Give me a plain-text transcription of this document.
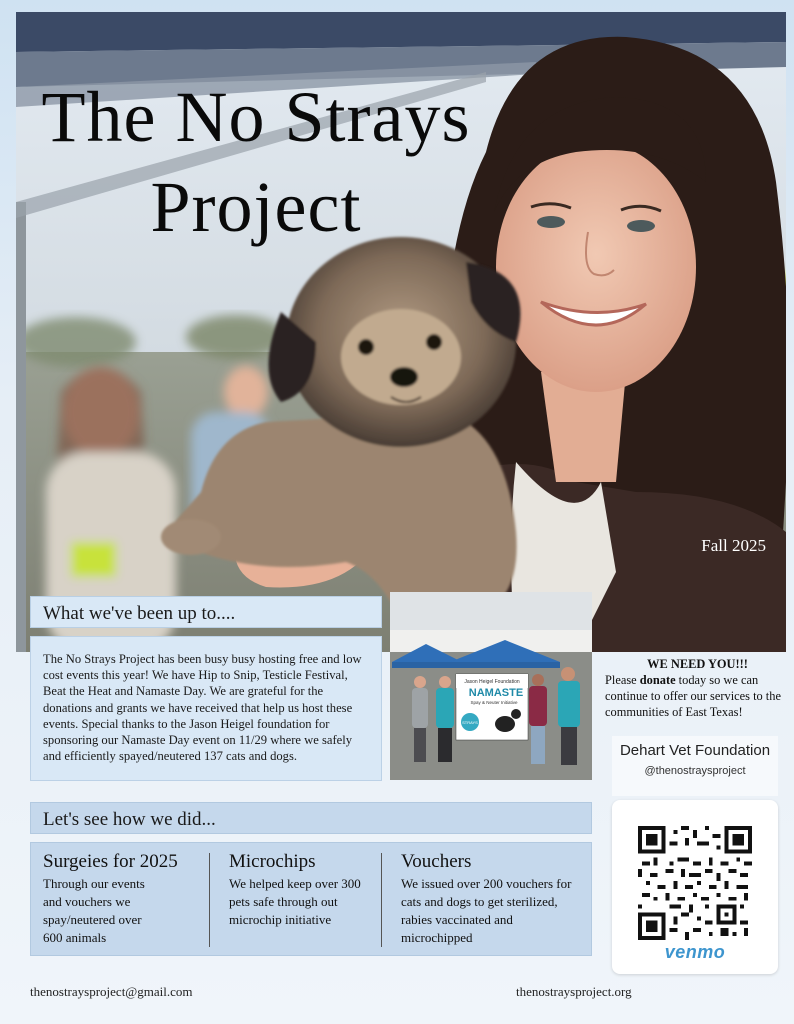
The No Strays
Project
Fall 2025
What we've been up to....
The No Strays Project has been busy busy hosting free and low cost events this year! We have Hip to Snip, Testicle Festival, Beat the Heat and Namaste Day. We are grateful for the donations and grants we have received that help us host these events. Special thanks to the Jason Heigel foundation for sponsoring our Namaste Day event on 11/29 where we safely and efficiently spayed/neutered 137 cats and dogs.
Jason Heigel Foundation
NAMASTE
Spay & Neuter Initiative
STRAYS
WE NEED YOU!!!
Please donate today so we can continue to offer our services to the communities of East Texas!
Dehart Vet Foundation
@thenostraysproject
venmo
Let's see how we did...
Surgeies for 2025
Through our events
and vouchers we
spay/neutered over
600 animals
Microchips
We helped keep over 300
pets safe through out
microchip initiative
Vouchers
We issued over 200 vouchers for
cats and dogs to get sterilized,
rabies vaccinated and
microchipped
thenostraysproject@gmail.com	thenostraysproject.org
